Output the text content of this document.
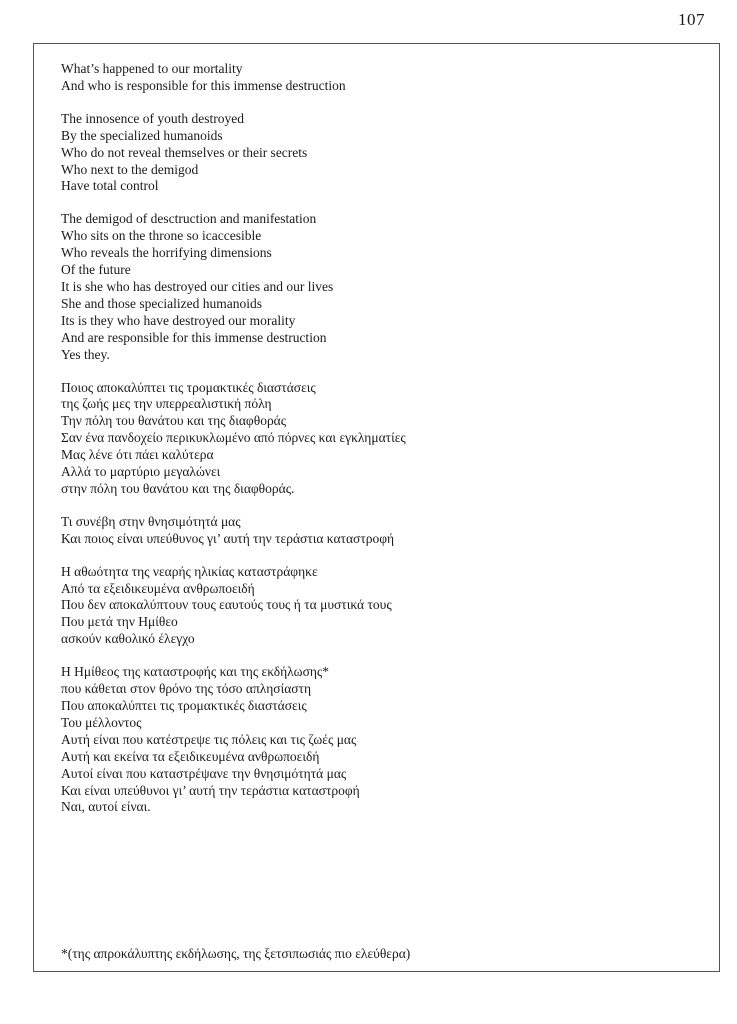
107
What’s happened to our mortality
And who is responsible for this immense destruction
The innosence of youth destroyed
By the specialized humanoids
Who do not reveal themselves or their secrets
Who next to the demigod
Have total control
The demigod of desctruction and manifestation
Who sits on the throne so icaccesible
Who reveals the horrifying dimensions
Of the future
It is she who has destroyed our cities and our lives
She and those specialized humanoids
Its is they who have destroyed our morality
And are responsible for this immense destruction
Yes they.
Ποιος αποκαλύπτει τις τρομακτικές διαστάσεις
της ζωής μες την υπερρεαλιστική πόλη
Την πόλη του θανάτου και της διαφθοράς
Σαν ένα πανδοχείο περικυκλωμένο από πόρνες και εγκληματίες
Μας λένε ότι πάει καλύτερα
Αλλά το μαρτύριο μεγαλώνει
στην πόλη του θανάτου και της διαφθοράς.
Τι συνέβη στην θνησιμότητά μας
Και ποιος είναι υπεύθυνος γι’ αυτή την τεράστια καταστροφή
Η αθωότητα της νεαρής ηλικίας καταστράφηκε
Από τα εξειδικευμένα ανθρωποειδή
Που δεν αποκαλύπτουν τους εαυτούς τους ή τα μυστικά τους
Που μετά την Ημίθεο
ασκούν καθολικό έλεγχο
Η Ημίθεος της καταστροφής και της εκδήλωσης*
που κάθεται στον θρόνο της τόσο απλησίαστη
Που αποκαλύπτει τις τρομακτικές διαστάσεις
Του μέλλοντος
Αυτή είναι που κατέστρεψε τις πόλεις και τις ζωές μας
Αυτή και εκείνα τα εξειδικευμένα ανθρωποειδή
Αυτοί είναι που καταστρέψανε την θνησιμότητά μας
Και είναι υπεύθυνοι γι’ αυτή την τεράστια καταστροφή
Ναι, αυτοί είναι.
*(της απροκάλυπτης εκδήλωσης, της ξετσιπωσιάς πιο ελεύθερα)
